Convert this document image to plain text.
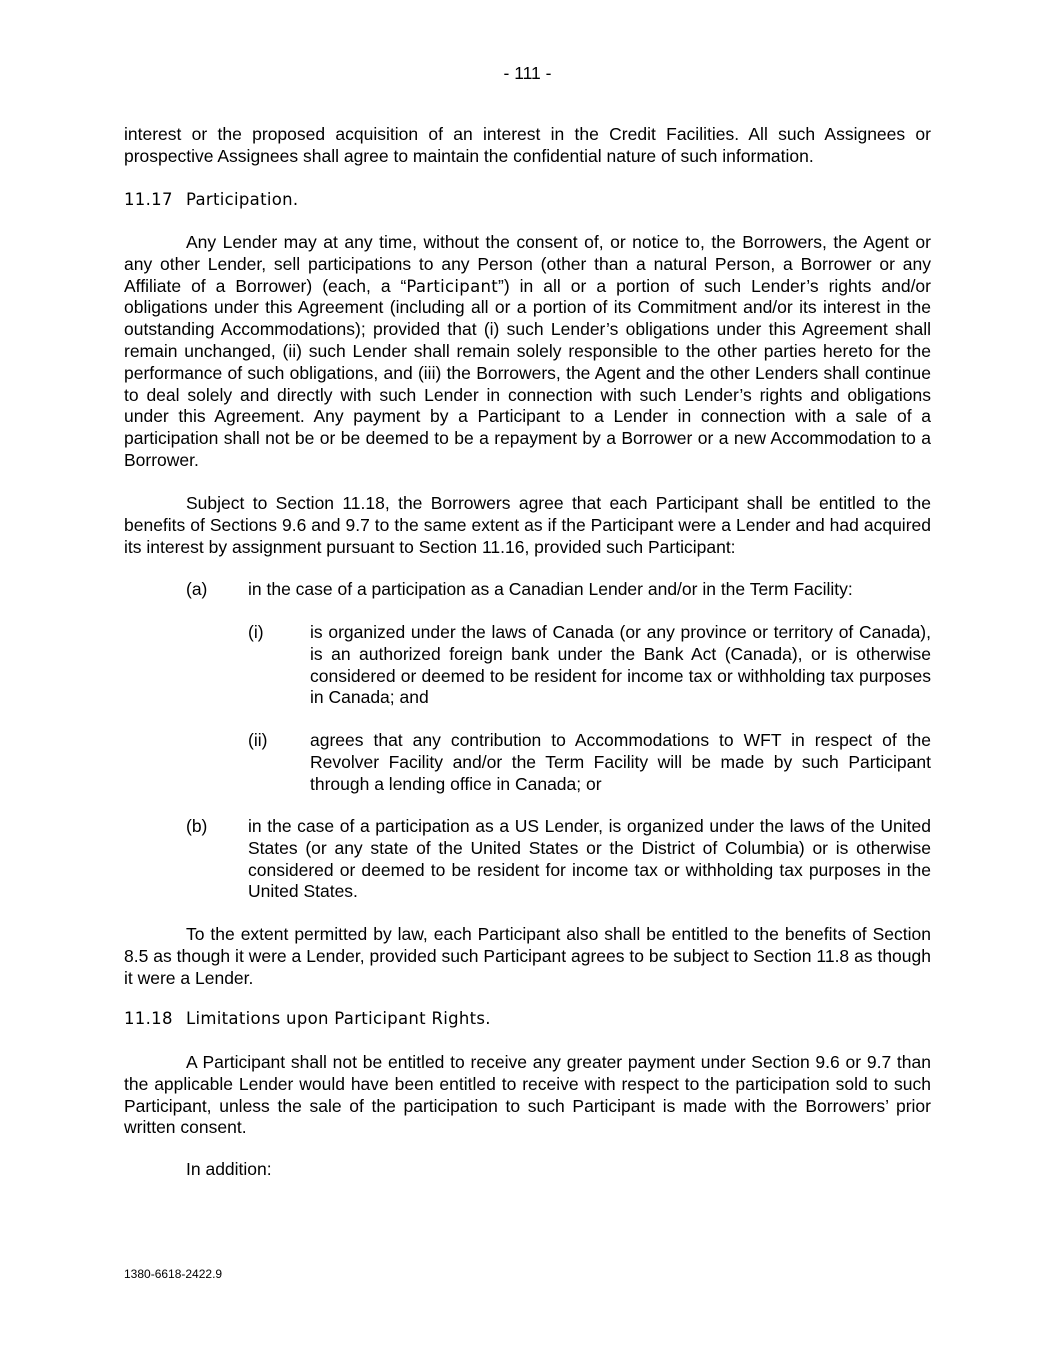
- 111 -

interest or the proposed acquisition of an interest in the Credit Facilities. All such Assignees or prospective Assignees shall agree to maintain the confidential nature of such information.

11.17 Participation.

Any Lender may at any time, without the consent of, or notice to, the Borrowers, the Agent or any other Lender, sell participations to any Person (other than a natural Person, a Borrower or any Affiliate of a Borrower) (each, a “Participant”) in all or a portion of such Lender’s rights and/or obligations under this Agreement (including all or a portion of its Commitment and/or its interest in the outstanding Accommodations); provided that (i) such Lender’s obligations under this Agreement shall remain unchanged, (ii) such Lender shall remain solely responsible to the other parties hereto for the performance of such obligations, and (iii) the Borrowers, the Agent and the other Lenders shall continue to deal solely and directly with such Lender in connection with such Lender’s rights and obligations under this Agreement. Any payment by a Participant to a Lender in connection with a sale of a participation shall not be or be deemed to be a repayment by a Borrower or a new Accommodation to a Borrower.

Subject to Section 11.18, the Borrowers agree that each Participant shall be entitled to the benefits of Sections 9.6 and 9.7 to the same extent as if the Participant were a Lender and had acquired its interest by assignment pursuant to Section 11.16, provided such Participant:

(a) in the case of a participation as a Canadian Lender and/or in the Term Facility:
(i)	is organized under the laws of Canada (or any province or territory of Canada), is an authorized foreign bank under the Bank Act (Canada), or is otherwise considered or deemed to be resident for income tax or withholding tax purposes in Canada; and
(ii) agrees that any contribution to Accommodations to WFT in respect of the Revolver Facility and/or the Term Facility will be made by such Participant through a lending office in Canada; or
(b) in the case of a participation as a US Lender, is organized under the laws of the United States (or any state of the United States or the District of Columbia) or is otherwise considered or deemed to be resident for income tax or withholding tax purposes in the United States.

To the extent permitted by law, each Participant also shall be entitled to the benefits of Section 8.5 as though it were a Lender, provided such Participant agrees to be subject to Section 11.8 as though it were a Lender.

11.18 Limitations upon Participant Rights.

A Participant shall not be entitled to receive any greater payment under Section 9.6 or 9.7 than the applicable Lender would have been entitled to receive with respect to the participation sold to such Participant, unless the sale of the participation to such Participant is made with the Borrowers’ prior written consent.

In addition:

1380-6618-2422.9
